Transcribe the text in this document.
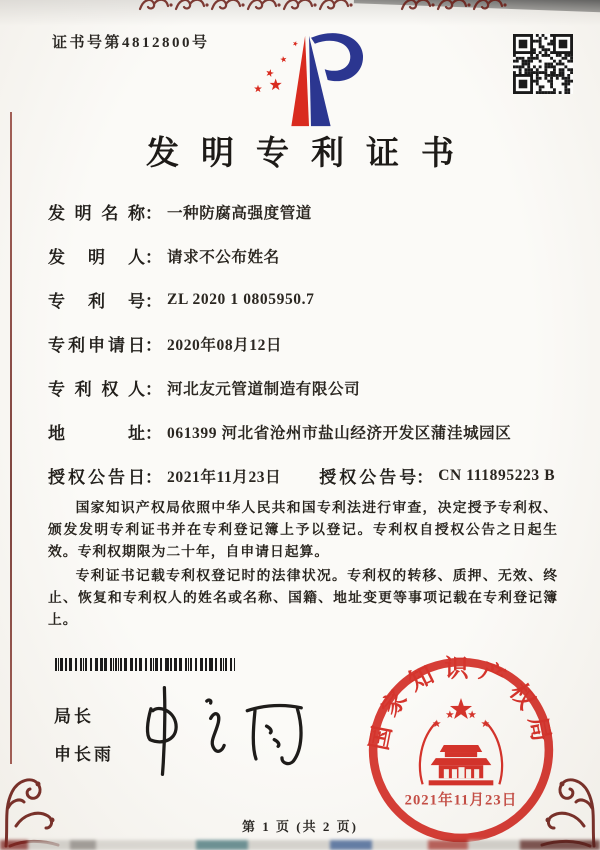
证书号第4812800号
发明专利证书
发明名称： 一种防腐高强度管道
发明人： 请求不公布姓名
专利号： ZL 2020 1 0805950.7
专利申请日： 2020年08月12日
专利权人： 河北友元管道制造有限公司
地址： 061399 河北省沧州市盐山经济开发区蒲洼城园区
授权公告日： 2021年11月23日 授权公告号： CN 111895223 B

国家知识产权局依照中华人民共和国专利法进行审查，决定授予专利权、颁发发明专利证书并在专利登记簿上予以登记。专利权自授权公告之日起生效。专利权期限为二十年，自申请日起算。

专利证书记载专利权登记时的法律状况。专利权的转移、质押、无效、终止、恢复和专利权人的姓名或名称、国籍、地址变更等事项记载在专利登记簿上。

局长
申长雨
国家知识产权局
2021年11月23日
第 1 页 (共 2 页)
